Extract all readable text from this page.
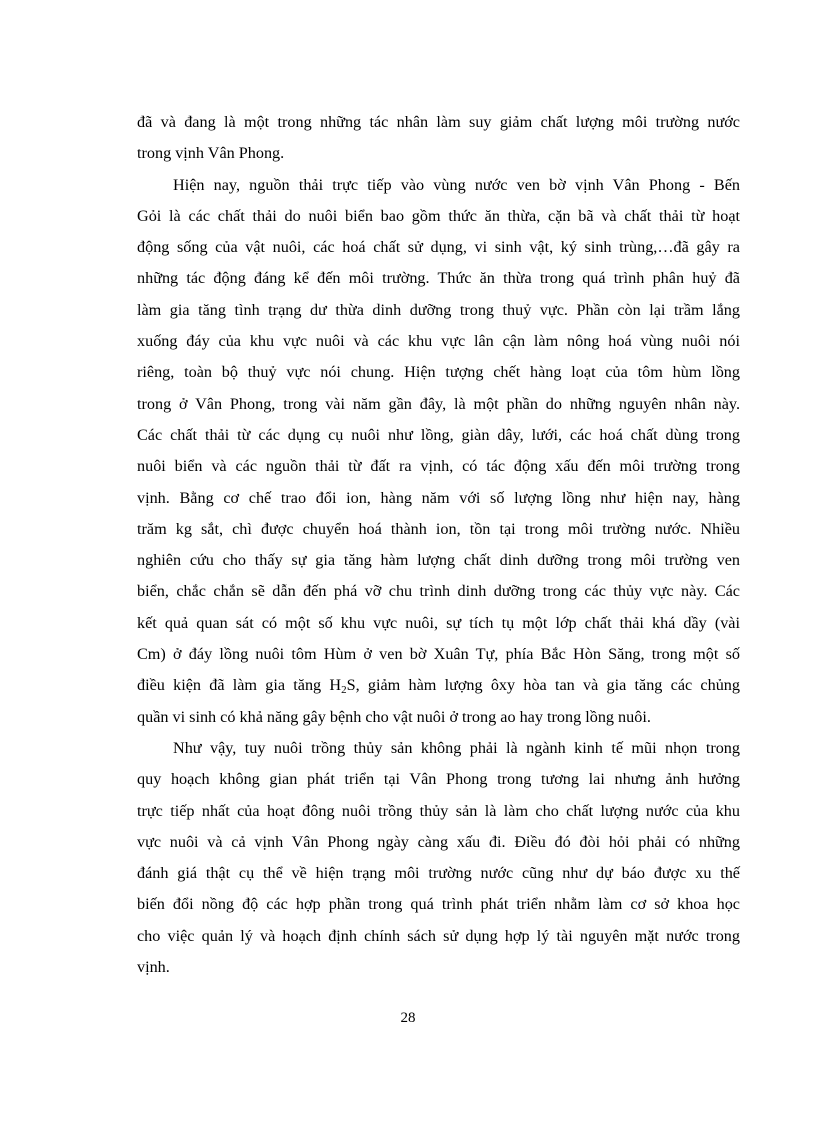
đã và đang là một trong những tác nhân làm suy giảm chất lượng môi trường nước
trong vịnh Vân Phong.
Hiện nay, nguồn thải trực tiếp vào vùng nước ven bờ vịnh Vân Phong - Bến
Gỏi là các chất thải do nuôi biển bao gồm thức ăn thừa, cặn bã và chất thải từ hoạt
động sống của vật nuôi, các hoá chất sử dụng, vi sinh vật, ký sinh trùng,…đã gây ra
những tác động đáng kể đến môi trường. Thức ăn thừa trong quá trình phân huỷ đã
làm gia tăng tình trạng dư thừa dinh dưỡng trong thuỷ vực. Phần còn lại trầm lắng
xuống đáy của khu vực nuôi và các khu vực lân cận làm nông hoá vùng nuôi nói
riêng, toàn bộ thuỷ vực nói chung. Hiện tượng chết hàng loạt của tôm hùm lồng
trong ở Vân Phong, trong vài năm gần đây, là một phần do những nguyên nhân này.
Các chất thải từ các dụng cụ nuôi như lồng, giàn dây, lưới, các hoá chất dùng trong
nuôi biển và các nguồn thải từ đất ra vịnh, có tác động xấu đến môi trường trong
vịnh. Bằng cơ chế trao đổi ion, hàng năm với số lượng lồng như hiện nay, hàng
trăm kg sắt, chì được chuyển hoá thành ion, tồn tại trong môi trường nước. Nhiều
nghiên cứu cho thấy sự gia tăng hàm lượng chất dinh dưỡng trong môi trường ven
biển, chắc chắn sẽ dẫn đến phá vỡ chu trình dinh dưỡng trong các thủy vực này. Các
kết quả quan sát có một số khu vực nuôi, sự tích tụ một lớp chất thải khá dầy (vài
Cm) ở đáy lồng nuôi tôm Hùm ở ven bờ Xuân Tự, phía Bắc Hòn Săng, trong một số
điều kiện đã làm gia tăng $H_2S$, giảm hàm lượng ôxy hòa tan và gia tăng các chủng
quần vi sinh có khả năng gây bệnh cho vật nuôi ở trong ao hay trong lồng nuôi.
Như vậy, tuy nuôi trồng thủy sản không phải là ngành kinh tế mũi nhọn trong
quy hoạch không gian phát triển tại Vân Phong trong tương lai nhưng ảnh hưởng
trực tiếp nhất của hoạt đông nuôi trồng thủy sản là làm cho chất lượng nước của khu
vực nuôi và cả vịnh Vân Phong ngày càng xấu đi. Điều đó đòi hỏi phải có những
đánh giá thật cụ thể về hiện trạng môi trường nước cũng như dự báo được xu thế
biến đổi nồng độ các hợp phần trong quá trình phát triển nhằm làm cơ sở khoa học
cho việc quản lý và hoạch định chính sách sử dụng hợp lý tài nguyên mặt nước trong
vịnh.
28
